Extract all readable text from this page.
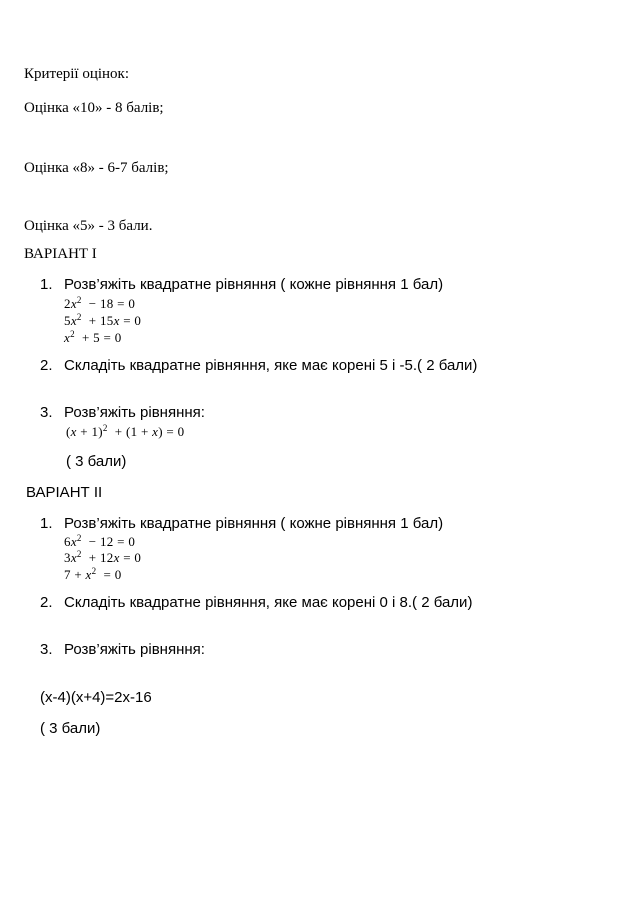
Критерії оцінок:
Оцінка «10» - 8 балів;
Оцінка «8» - 6-7 балів;
Оцінка «5» - 3 бали.
ВАРІАНТ І
1. Розв’яжіть квадратне рівняння ( кожне рівняння 1 бал)
$2x^2 - 18 = 0$
$5x^2 + 15x = 0$
$x^2 + 5 = 0$
2. Складіть квадратне рівняння, яке має корені 5 і -5.( 2 бали)
3. Розв’яжіть рівняння:
$(x + 1)^2 + (1 + x) = 0$
( 3 бали)
ВАРІАНТ ІІ
1. Розв’яжіть квадратне рівняння ( кожне рівняння 1 бал)
$6x^2 - 12 = 0$
$3x^2 + 12x = 0$
$7 + x^2 = 0$
2. Складіть квадратне рівняння, яке має корені 0 і 8.( 2 бали)
3. Розв’яжіть рівняння:
(x-4)(x+4)=2x-16
( 3 бали)
